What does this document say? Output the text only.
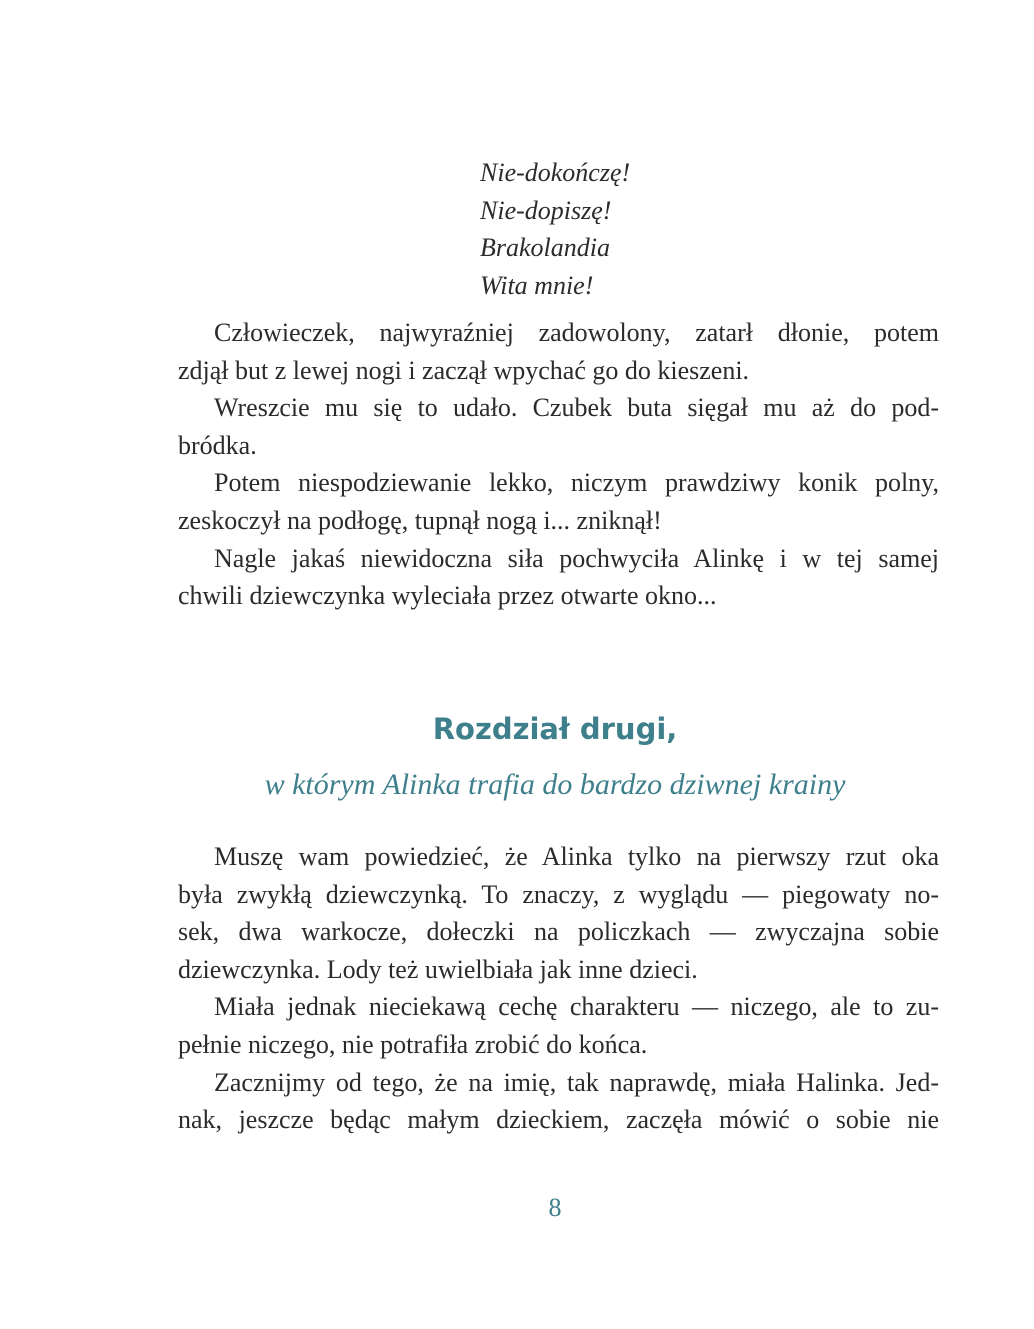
Nie-dokończę!
Nie-dopiszę!
Brakolandia
Wita mnie!
Człowieczek, najwyraźniej zadowolony, zatarł dłonie, potem
zdjął but z lewej nogi i zaczął wpychać go do kieszeni.
Wreszcie mu się to udało. Czubek buta sięgał mu aż do pod-
bródka.
Potem niespodziewanie lekko, niczym prawdziwy konik polny,
zeskoczył na podłogę, tupnął nogą i... zniknął!
Nagle jakaś niewidoczna siła pochwyciła Alinkę i w tej samej
chwili dziewczynka wyleciała przez otwarte okno...
Rozdział drugi,
w którym Alinka trafia do bardzo dziwnej krainy
Muszę wam powiedzieć, że Alinka tylko na pierwszy rzut oka
była zwykłą dziewczynką. To znaczy, z wyglądu — piegowaty no-
sek, dwa warkocze, dołeczki na policzkach — zwyczajna sobie
dziewczynka. Lody też uwielbiała jak inne dzieci.
Miała jednak nieciekawą cechę charakteru — niczego, ale to zu-
pełnie niczego, nie potrafiła zrobić do końca.
Zacznijmy od tego, że na imię, tak naprawdę, miała Halinka. Jed-
nak, jeszcze będąc małym dzieckiem, zaczęła mówić o sobie nie
8
